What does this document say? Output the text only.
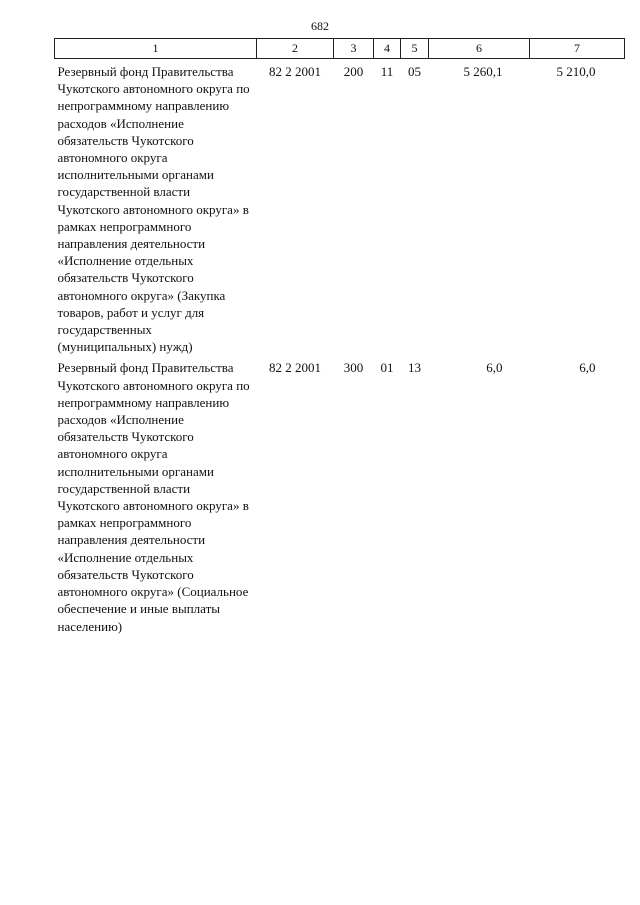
682
1	2	3	4	5	6	7
Резервный фонд Правительства Чукотского автономного округа по непрограммному направлению расходов «Исполнение обязательств Чукотского автономного округа исполнительными органами государственной власти Чукотского автономного округа» в рамках непрограммного направления деятельности «Исполнение отдельных обязательств Чукотского автономного округа» (Закупка товаров, работ и услуг для государственных (муниципальных) нужд)	82 2 2001	200	11	05	5 260,1	5 210,0
Резервный фонд Правительства Чукотского автономного округа по непрограммному направлению расходов «Исполнение обязательств Чукотского автономного округа исполнительными органами государственной власти Чукотского автономного округа» в рамках непрограммного направления деятельности «Исполнение отдельных обязательств Чукотского автономного округа» (Социальное обеспечение и иные выплаты населению)	82 2 2001	300	01	13	6,0	6,0
